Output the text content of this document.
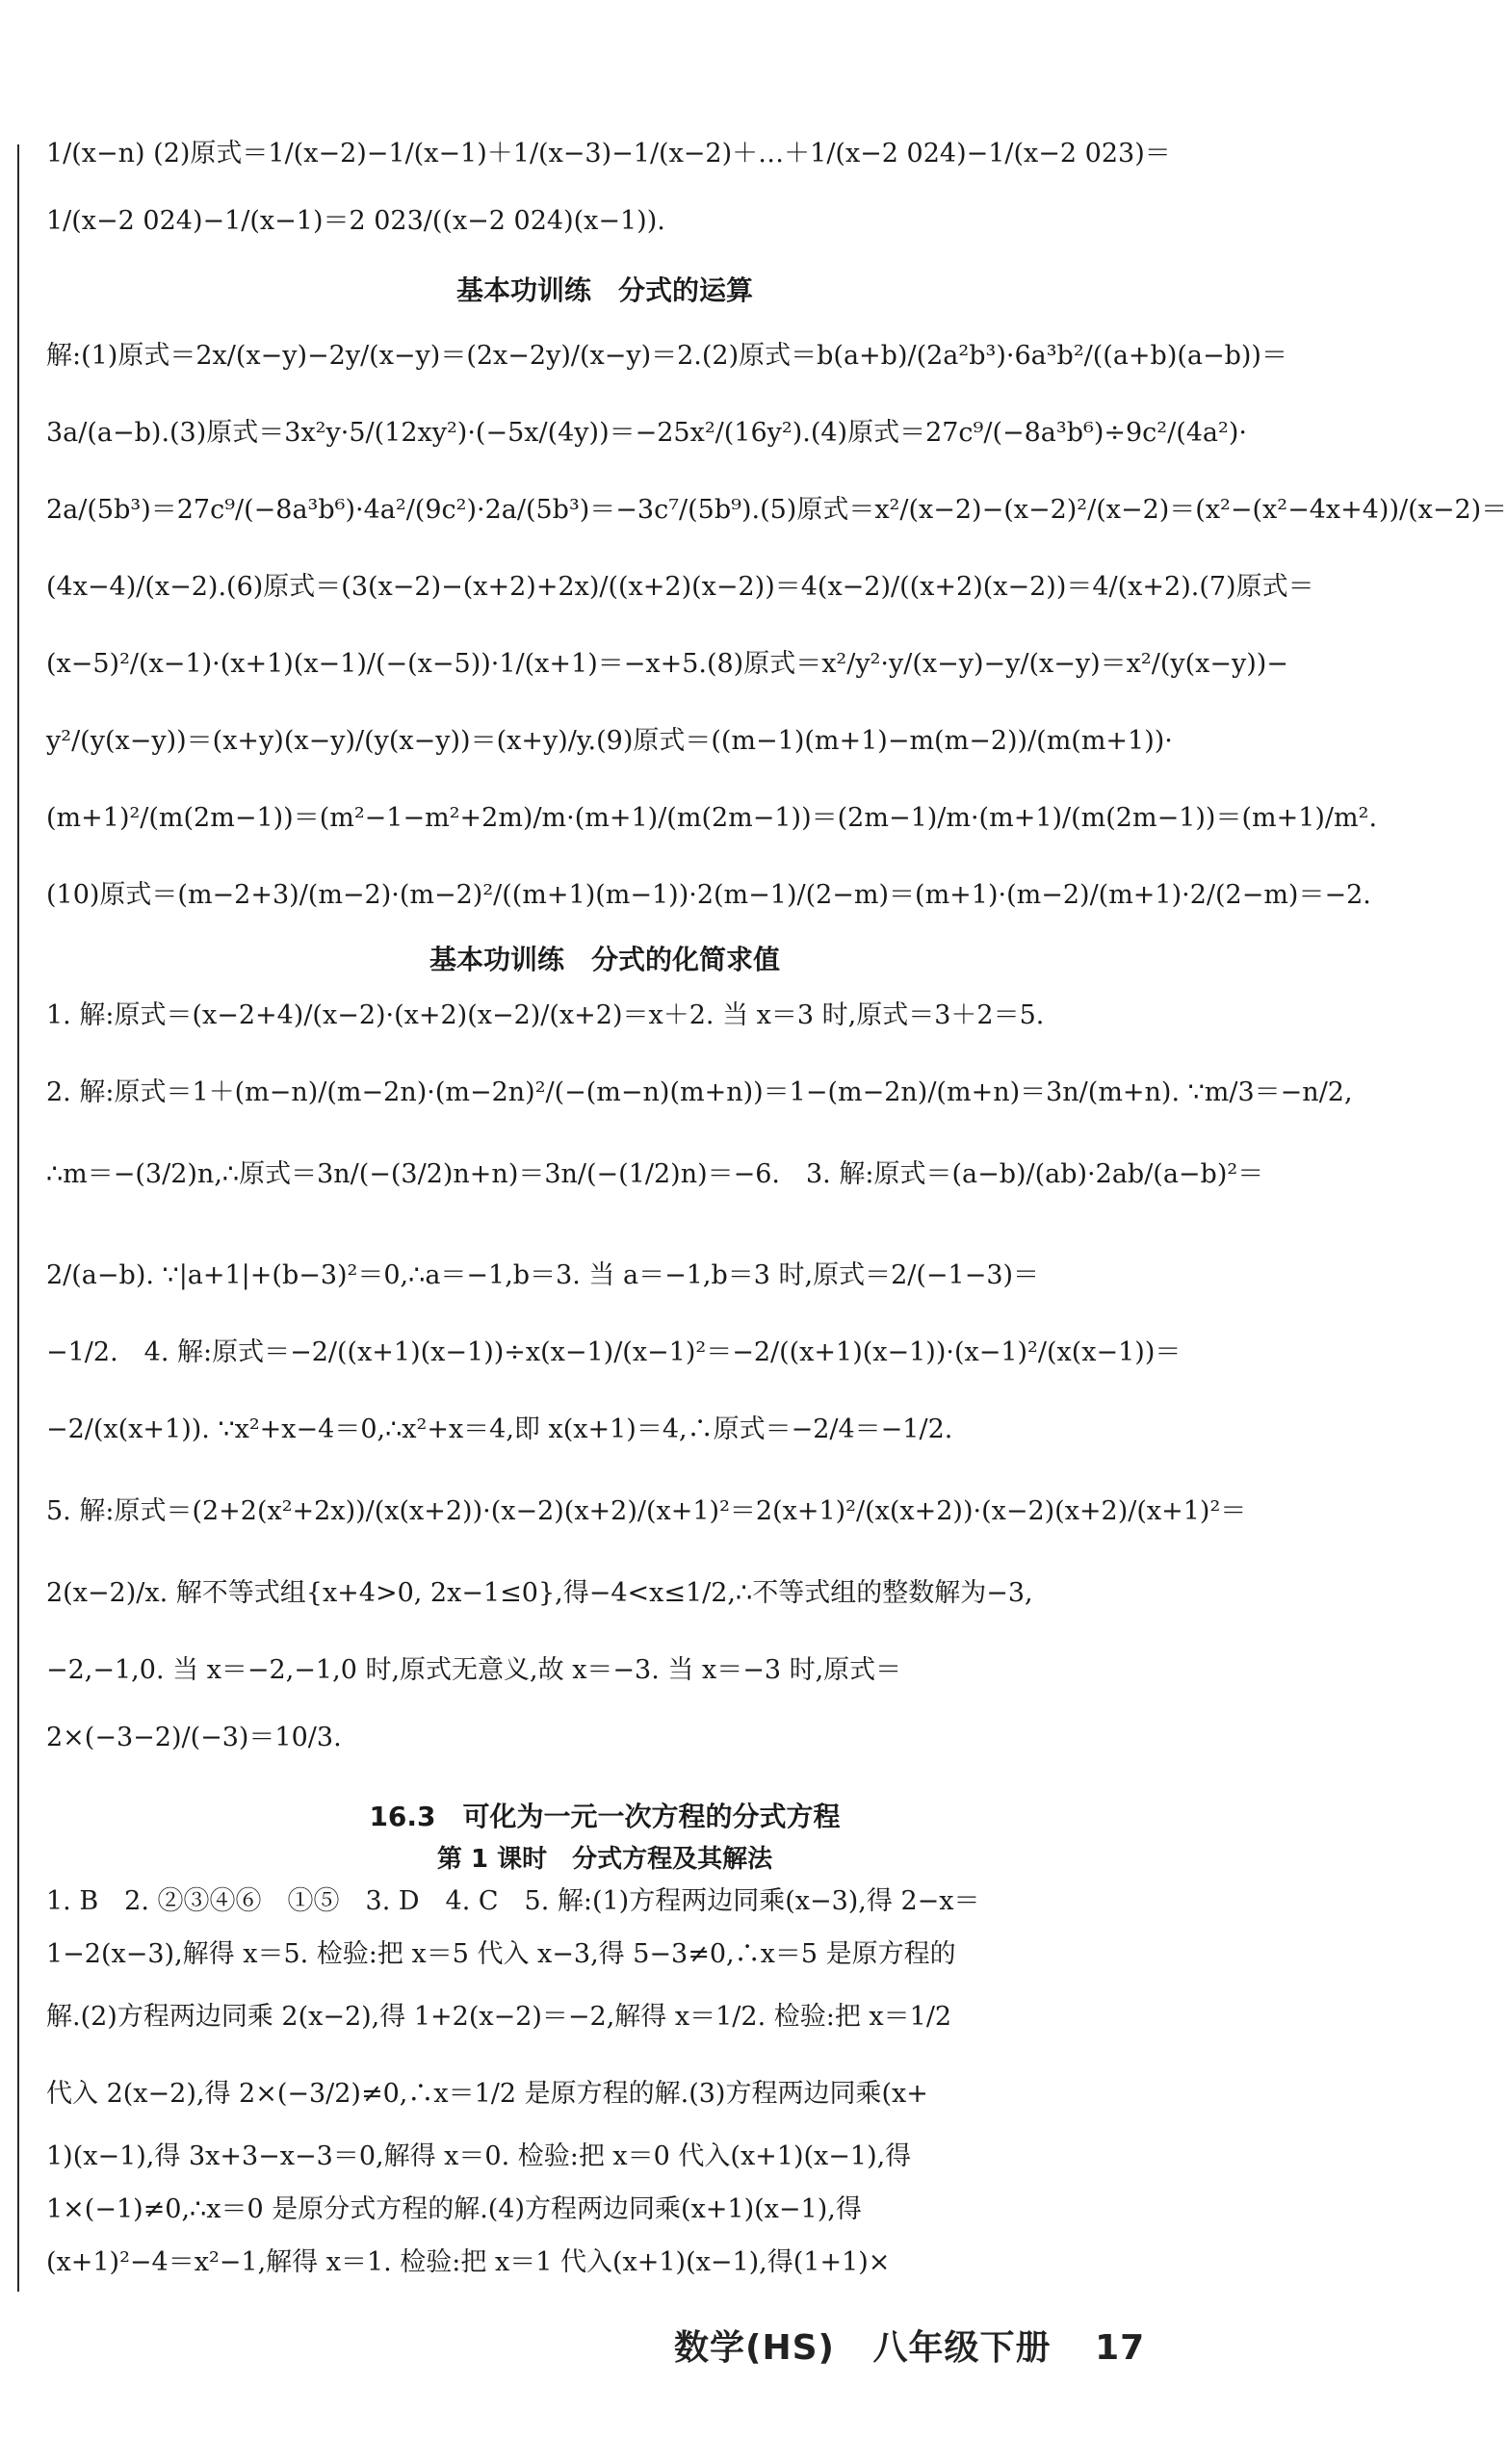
1/(x−n) (2)原式＝1/(x−2)−1/(x−1)＋1/(x−3)−1/(x−2)＋…＋1/(x−2 024)−1/(x−2 023)＝
1/(x−2 024)−1/(x−1)＝2 023/((x−2 024)(x−1)).
基本功训练　分式的运算
解:(1)原式＝2x/(x−y)−2y/(x−y)＝(2x−2y)/(x−y)＝2.(2)原式＝b(a+b)/(2a²b³)·6a³b²/((a+b)(a−b))＝
3a/(a−b).(3)原式＝3x²y·5/(12xy²)·(−5x/(4y))＝−25x²/(16y²).(4)原式＝27c⁹/(−8a³b⁶)÷9c²/(4a²)·
2a/(5b³)＝27c⁹/(−8a³b⁶)·4a²/(9c²)·2a/(5b³)＝−3c⁷/(5b⁹).(5)原式＝x²/(x−2)−(x−2)²/(x−2)＝(x²−(x²−4x+4))/(x−2)＝
(4x−4)/(x−2).(6)原式＝(3(x−2)−(x+2)+2x)/((x+2)(x−2))＝4(x−2)/((x+2)(x−2))＝4/(x+2).(7)原式＝
(x−5)²/(x−1)·(x+1)(x−1)/(−(x−5))·1/(x+1)＝−x+5.(8)原式＝x²/y²·y/(x−y)−y/(x−y)＝x²/(y(x−y))−
y²/(y(x−y))＝(x+y)(x−y)/(y(x−y))＝(x+y)/y.(9)原式＝((m−1)(m+1)−m(m−2))/(m(m+1))·
(m+1)²/(m(2m−1))＝(m²−1−m²+2m)/m·(m+1)/(m(2m−1))＝(2m−1)/m·(m+1)/(m(2m−1))＝(m+1)/m².
(10)原式＝(m−2+3)/(m−2)·(m−2)²/((m+1)(m−1))·2(m−1)/(2−m)＝(m+1)·(m−2)/(m+1)·2/(2−m)＝−2.
基本功训练　分式的化简求值
1. 解:原式＝(x−2+4)/(x−2)·(x+2)(x−2)/(x+2)＝x＋2. 当 x＝3 时,原式＝3＋2＝5.
2. 解:原式＝1＋(m−n)/(m−2n)·(m−2n)²/(−(m−n)(m+n))＝1−(m−2n)/(m+n)＝3n/(m+n). ∵m/3＝−n/2,
∴m＝−(3/2)n,∴原式＝3n/(−(3/2)n+n)＝3n/(−(1/2)n)＝−6.　3. 解:原式＝(a−b)/(ab)·2ab/(a−b)²＝
2/(a−b). ∵|a+1|+(b−3)²＝0,∴a＝−1,b＝3. 当 a＝−1,b＝3 时,原式＝2/(−1−3)＝
−1/2.　4. 解:原式＝−2/((x+1)(x−1))÷x(x−1)/(x−1)²＝−2/((x+1)(x−1))·(x−1)²/(x(x−1))＝
−2/(x(x+1)). ∵x²+x−4＝0,∴x²+x＝4,即 x(x+1)＝4,∴原式＝−2/4＝−1/2.
5. 解:原式＝(2+2(x²+2x))/(x(x+2))·(x−2)(x+2)/(x+1)²＝2(x+1)²/(x(x+2))·(x−2)(x+2)/(x+1)²＝
2(x−2)/x. 解不等式组{x+4>0, 2x−1≤0},得−4<x≤1/2,∴不等式组的整数解为−3,
−2,−1,0. 当 x＝−2,−1,0 时,原式无意义,故 x＝−3. 当 x＝−3 时,原式＝
2×(−3−2)/(−3)＝10/3.
16.3　可化为一元一次方程的分式方程
第 1 课时　分式方程及其解法
1. B　2. ②③④⑥　①⑤　3. D　4. C　5. 解:(1)方程两边同乘(x−3),得 2−x＝
1−2(x−3),解得 x＝5. 检验:把 x＝5 代入 x−3,得 5−3≠0,∴x＝5 是原方程的
解.(2)方程两边同乘 2(x−2),得 1+2(x−2)＝−2,解得 x＝1/2. 检验:把 x＝1/2
代入 2(x−2),得 2×(−3/2)≠0,∴x＝1/2 是原方程的解.(3)方程两边同乘(x+
1)(x−1),得 3x+3−x−3＝0,解得 x＝0. 检验:把 x＝0 代入(x+1)(x−1),得
1×(−1)≠0,∴x＝0 是原分式方程的解.(4)方程两边同乘(x+1)(x−1),得
(x+1)²−4＝x²−1,解得 x＝1. 检验:把 x＝1 代入(x+1)(x−1),得(1+1)×
数学(HS) 八年级下册 17
